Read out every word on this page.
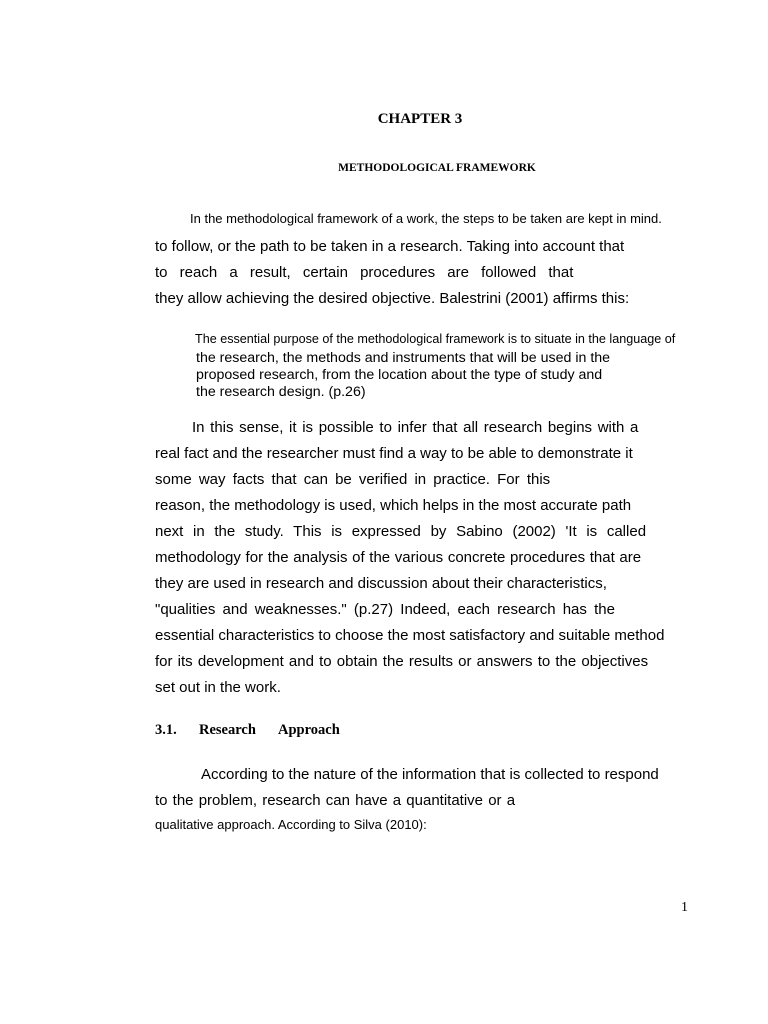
CHAPTER 3
METHODOLOGICAL FRAMEWORK
In the methodological framework of a work, the steps to be taken are kept in mind.
to follow, or the path to be taken in a research. Taking into account that
to reach a result, certain procedures are followed that
they allow achieving the desired objective. Balestrini (2001) affirms this:
The essential purpose of the methodological framework is to situate in the language of
the research, the methods and instruments that will be used in the
proposed research, from the location about the type of study and
the research design. (p.26)
In this sense, it is possible to infer that all research begins with a
real fact and the researcher must find a way to be able to demonstrate it
some way facts that can be verified in practice. For this
reason, the methodology is used, which helps in the most accurate path
next in the study. This is expressed by Sabino (2002) 'It is called
methodology for the analysis of the various concrete procedures that are
they are used in research and discussion about their characteristics,
"qualities and weaknesses." (p.27) Indeed, each research has the
essential characteristics to choose the most satisfactory and suitable method
for its development and to obtain the results or answers to the objectives
set out in the work.
3.1. Research Approach
According to the nature of the information that is collected to respond
to the problem, research can have a quantitative or a
qualitative approach. According to Silva (2010):
1
